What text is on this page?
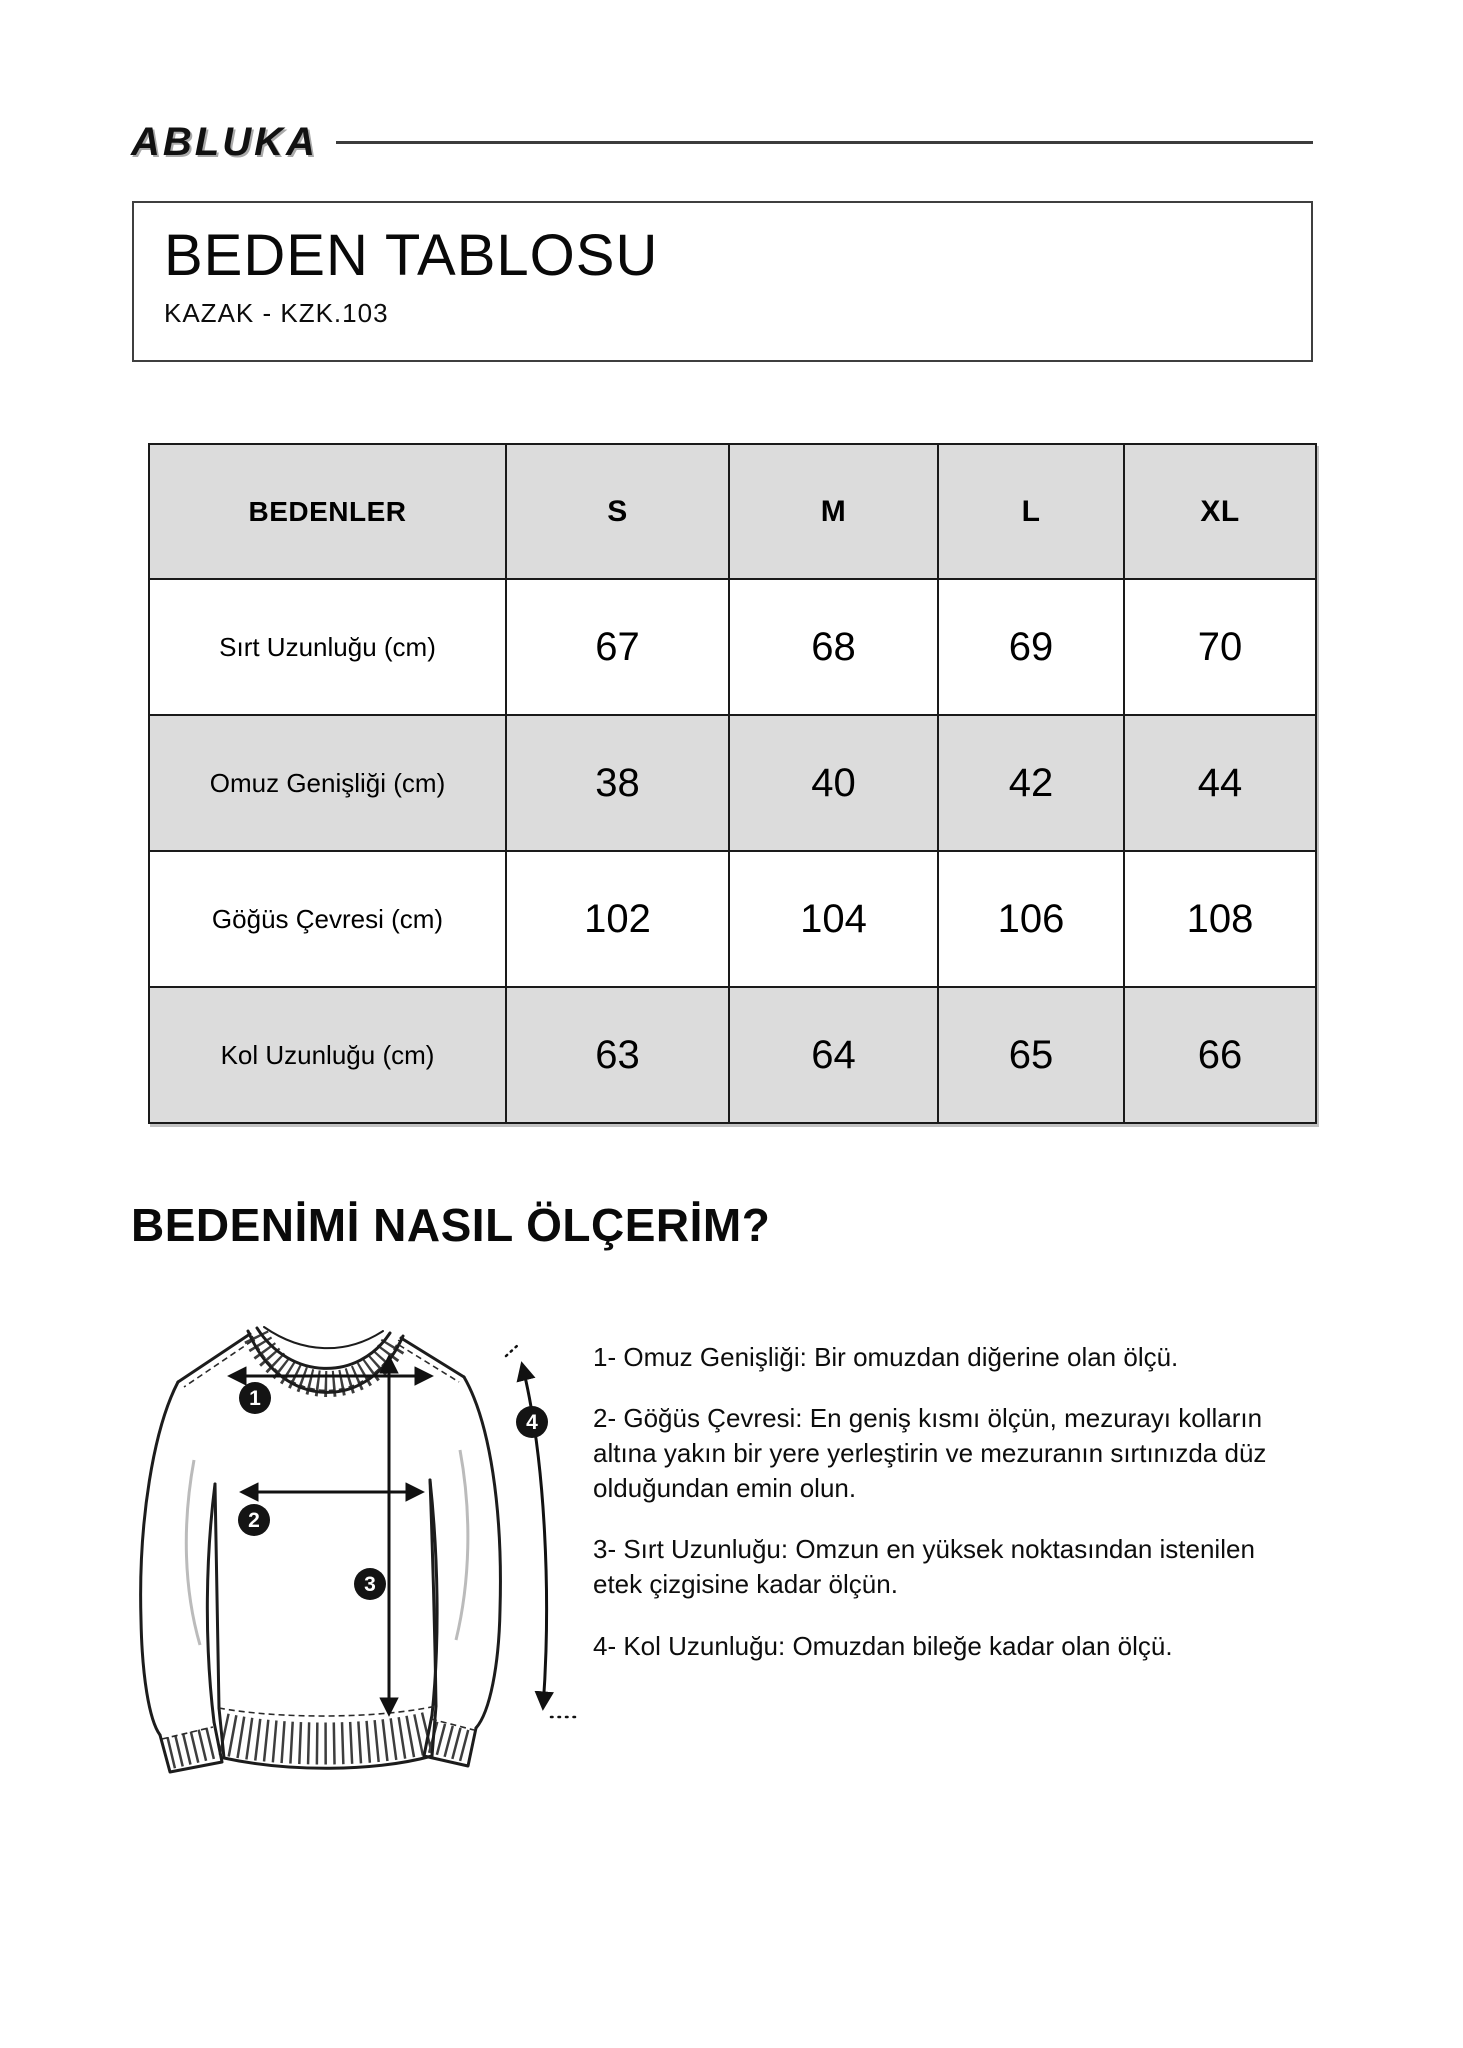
ABLUKA
BEDEN TABLOSU
KAZAK - KZK.103
BEDENLER	S	M	L	XL
Sırt Uzunluğu (cm)	67	68	69	70
Omuz Genişliği (cm)	38	40	42	44
Göğüs Çevresi (cm)	102	104	106	108
Kol Uzunluğu (cm)	63	64	65	66
BEDENİMİ NASIL ÖLÇERİM?
1
2
3
4

1- Omuz Genişliği: Bir omuzdan diğerine olan ölçü.

2- Göğüs Çevresi: En geniş kısmı ölçün, mezurayı kolların altına yakın bir yere yerleştirin ve mezuranın sırtınızda düz olduğundan emin olun.

3- Sırt Uzunluğu: Omzun en yüksek noktasından istenilen etek çizgisine kadar ölçün.

4- Kol Uzunluğu: Omuzdan bileğe kadar olan ölçü.
